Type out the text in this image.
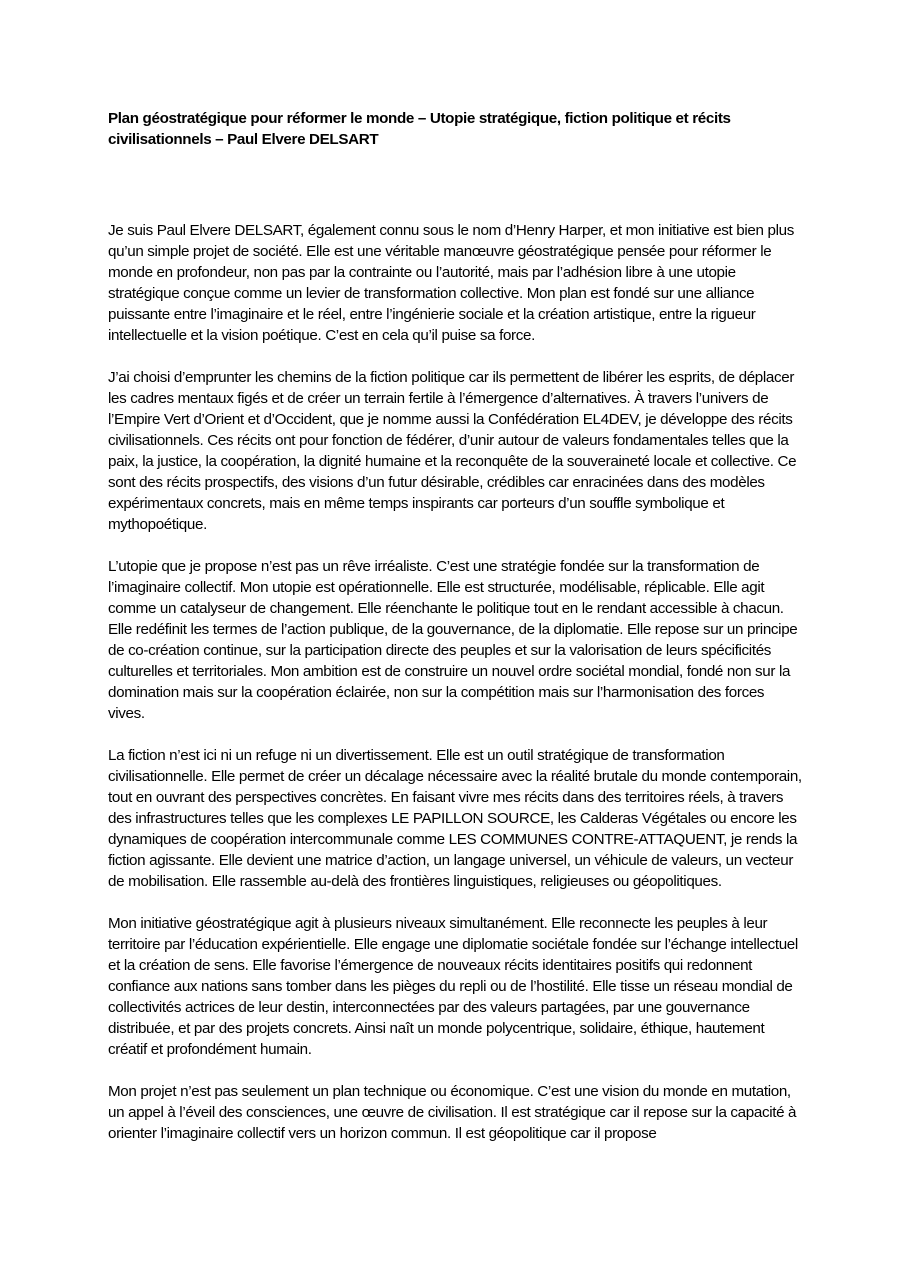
Plan géostratégique pour réformer le monde – Utopie stratégique, fiction politique et récits civilisationnels – Paul Elvere DELSART

Je suis Paul Elvere DELSART, également connu sous le nom d’Henry Harper, et mon initiative est bien plus qu’un simple projet de société. Elle est une véritable manœuvre géostratégique pensée pour réformer le monde en profondeur, non pas par la contrainte ou l’autorité, mais par l’adhésion libre à une utopie stratégique conçue comme un levier de transformation collective. Mon plan est fondé sur une alliance puissante entre l’imaginaire et le réel, entre l’ingénierie sociale et la création artistique, entre la rigueur intellectuelle et la vision poétique. C’est en cela qu’il puise sa force.

J’ai choisi d’emprunter les chemins de la fiction politique car ils permettent de libérer les esprits, de déplacer les cadres mentaux figés et de créer un terrain fertile à l’émergence d’alternatives. À travers l’univers de l’Empire Vert d’Orient et d’Occident, que je nomme aussi la Confédération EL4DEV, je développe des récits civilisationnels. Ces récits ont pour fonction de fédérer, d’unir autour de valeurs fondamentales telles que la paix, la justice, la coopération, la dignité humaine et la reconquête de la souveraineté locale et collective. Ce sont des récits prospectifs, des visions d’un futur désirable, crédibles car enracinées dans des modèles expérimentaux concrets, mais en même temps inspirants car porteurs d’un souffle symbolique et mythopoétique.

L’utopie que je propose n’est pas un rêve irréaliste. C’est une stratégie fondée sur la transformation de l’imaginaire collectif. Mon utopie est opérationnelle. Elle est structurée, modélisable, réplicable. Elle agit comme un catalyseur de changement. Elle réenchante le politique tout en le rendant accessible à chacun. Elle redéfinit les termes de l’action publique, de la gouvernance, de la diplomatie. Elle repose sur un principe de co-création continue, sur la participation directe des peuples et sur la valorisation de leurs spécificités culturelles et territoriales. Mon ambition est de construire un nouvel ordre sociétal mondial, fondé non sur la domination mais sur la coopération éclairée, non sur la compétition mais sur l’harmonisation des forces vives.

La fiction n’est ici ni un refuge ni un divertissement. Elle est un outil stratégique de transformation civilisationnelle. Elle permet de créer un décalage nécessaire avec la réalité brutale du monde contemporain, tout en ouvrant des perspectives concrètes. En faisant vivre mes récits dans des territoires réels, à travers des infrastructures telles que les complexes LE PAPILLON SOURCE, les Calderas Végétales ou encore les dynamiques de coopération intercommunale comme LES COMMUNES CONTRE-ATTAQUENT, je rends la fiction agissante. Elle devient une matrice d’action, un langage universel, un véhicule de valeurs, un vecteur de mobilisation. Elle rassemble au-delà des frontières linguistiques, religieuses ou géopolitiques.

Mon initiative géostratégique agit à plusieurs niveaux simultanément. Elle reconnecte les peuples à leur territoire par l’éducation expérientielle. Elle engage une diplomatie sociétale fondée sur l’échange intellectuel et la création de sens. Elle favorise l’émergence de nouveaux récits identitaires positifs qui redonnent confiance aux nations sans tomber dans les pièges du repli ou de l’hostilité. Elle tisse un réseau mondial de collectivités actrices de leur destin, interconnectées par des valeurs partagées, par une gouvernance distribuée, et par des projets concrets. Ainsi naît un monde polycentrique, solidaire, éthique, hautement créatif et profondément humain.

Mon projet n’est pas seulement un plan technique ou économique. C’est une vision du monde en mutation, un appel à l’éveil des consciences, une œuvre de civilisation. Il est stratégique car il repose sur la capacité à orienter l’imaginaire collectif vers un horizon commun. Il est géopolitique car il propose
